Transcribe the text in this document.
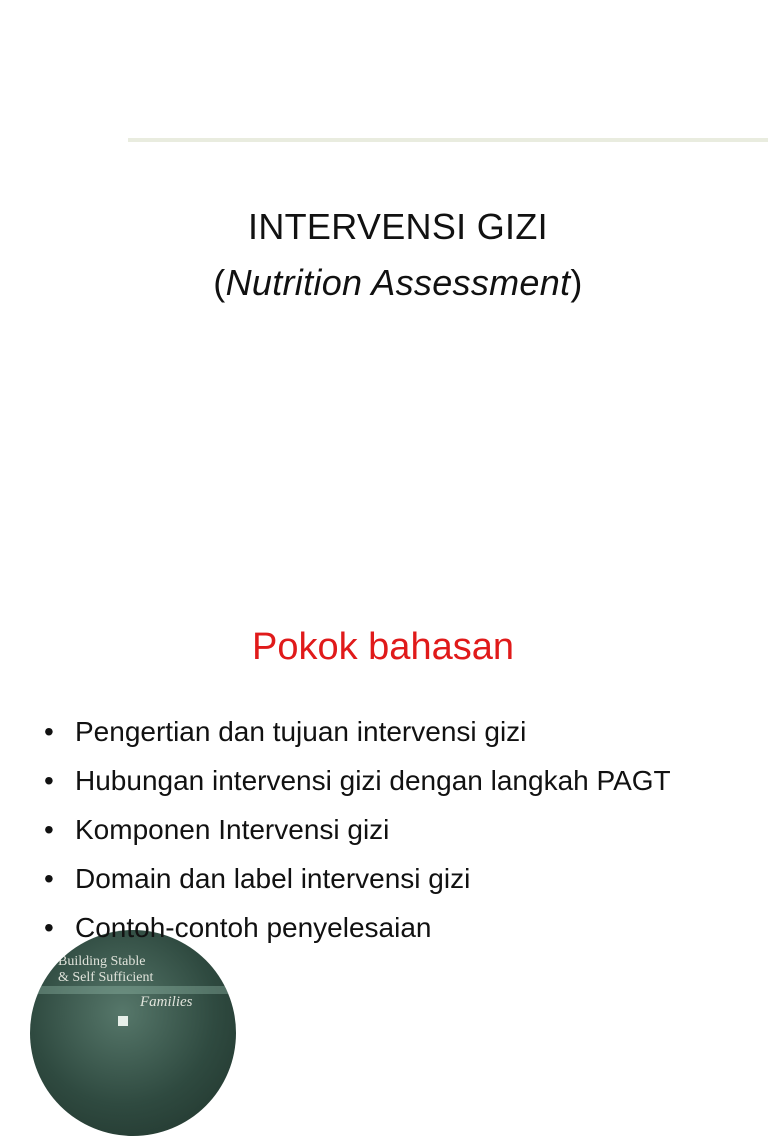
INTERVENSI GIZI
(Nutrition Assessment)
Pokok bahasan
Building Stable
& Self Sufficient
Families
• Pengertian dan tujuan intervensi gizi
• Hubungan intervensi gizi dengan langkah PAGT
• Komponen Intervensi gizi
• Domain dan label intervensi gizi
• Contoh-contoh penyelesaian
